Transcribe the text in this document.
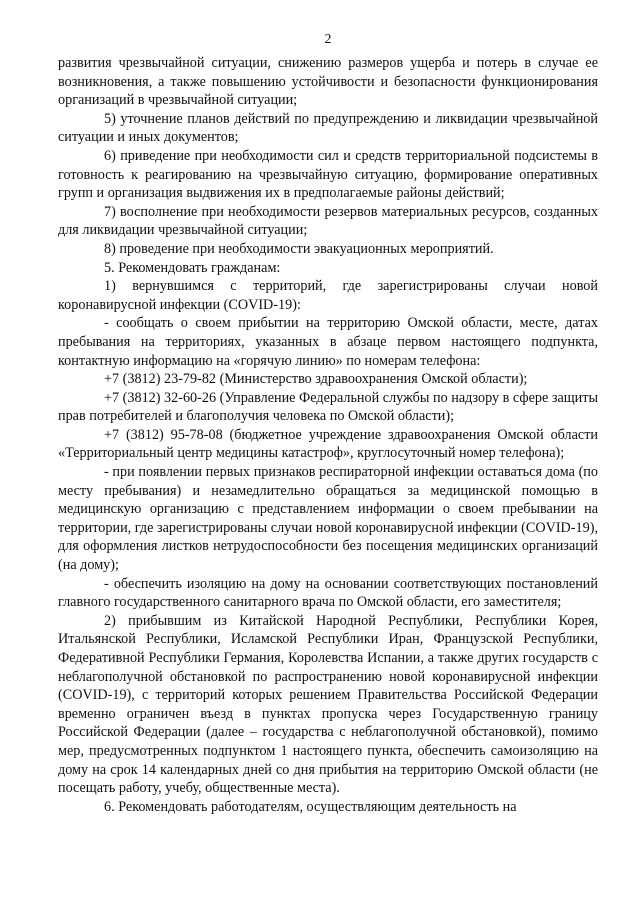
2

развития чрезвычайной ситуации, снижению размеров ущерба и потерь в случае ее возникновения, а также повышению устойчивости и безопасности функционирования организаций в чрезвычайной ситуации;

5) уточнение планов действий по предупреждению и ликвидации чрезвычайной ситуации и иных документов;

6) приведение при необходимости сил и средств территориальной подсистемы в готовность к реагированию на чрезвычайную ситуацию, формирование оперативных групп и организация выдвижения их в предполагаемые районы действий;

7) восполнение при необходимости резервов материальных ресурсов, созданных для ликвидации чрезвычайной ситуации;

8) проведение при необходимости эвакуационных мероприятий.

5. Рекомендовать гражданам:

1) вернувшимся с территорий, где зарегистрированы случаи новой коронавирусной инфекции (COVID-19):

- сообщать о своем прибытии на территорию Омской области, месте, датах пребывания на территориях, указанных в абзаце первом настоящего подпункта, контактную информацию на «горячую линию» по номерам телефона:

+7 (3812) 23-79-82 (Министерство здравоохранения Омской области);

+7 (3812) 32-60-26 (Управление Федеральной службы по надзору в сфере защиты прав потребителей и благополучия человека по Омской области);

+7 (3812) 95-78-08 (бюджетное учреждение здравоохранения Омской области «Территориальный центр медицины катастроф», круглосуточный номер телефона);

- при появлении первых признаков респираторной инфекции оставаться дома (по месту пребывания) и незамедлительно обращаться за медицинской помощью в медицинскую организацию с представлением информации о своем пребывании на территории, где зарегистрированы случаи новой коронавирусной инфекции (COVID-19), для оформления листков нетрудоспособности без посещения медицинских организаций (на дому);

- обеспечить изоляцию на дому на основании соответствующих постановлений главного государственного санитарного врача по Омской области, его заместителя;

2) прибывшим из Китайской Народной Республики, Республики Корея, Итальянской Республики, Исламской Республики Иран, Французской Республики, Федеративной Республики Германия, Королевства Испании, а также других государств с неблагополучной обстановкой по распространению новой коронавирусной инфекции (COVID-19), с территорий которых решением Правительства Российской Федерации временно ограничен въезд в пунктах пропуска через Государственную границу Российской Федерации (далее – государства с неблагополучной обстановкой), помимо мер, предусмотренных подпунктом 1 настоящего пункта, обеспечить самоизоляцию на дому на срок 14 календарных дней со дня прибытия на территорию Омской области (не посещать работу, учебу, общественные места).

6. Рекомендовать работодателям, осуществляющим деятельность на
